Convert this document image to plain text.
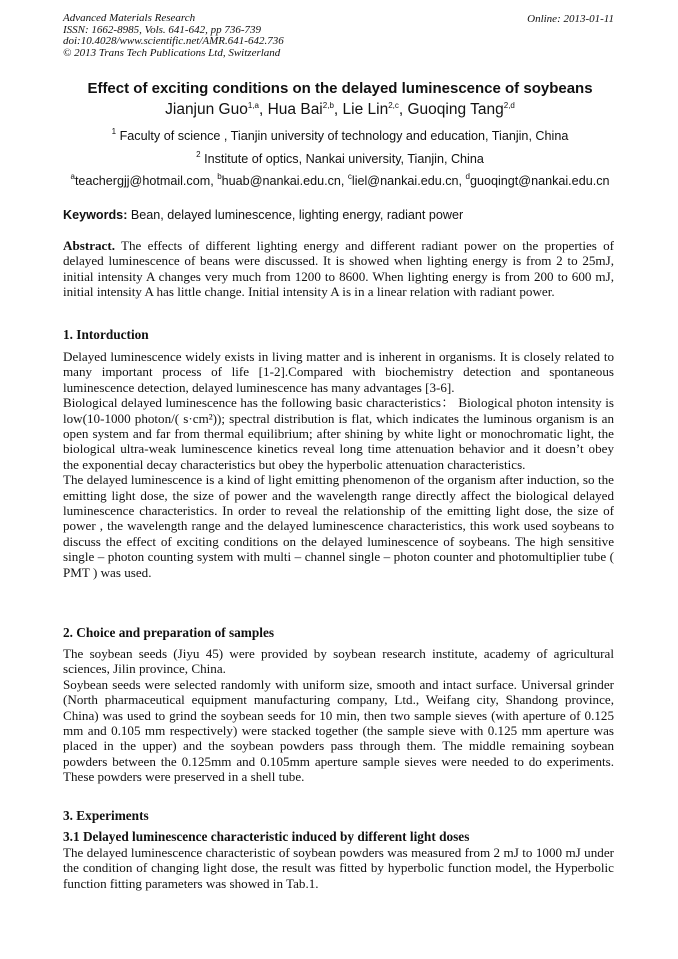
Advanced Materials Research
ISSN: 1662-8985, Vols. 641-642, pp 736-739
doi:10.4028/www.scientific.net/AMR.641-642.736
© 2013 Trans Tech Publications Ltd, Switzerland
Online: 2013-01-11
Effect of exciting conditions on the delayed luminescence of soybeans
Jianjun Guo$^{1,a}$, Hua Bai$^{2,b}$, Lie Lin$^{2,c}$, Guoqing Tang$^{2,d}$
$^1$ Faculty of science , Tianjin university of technology and education, Tianjin, China
$^2$ Institute of optics, Nankai university, Tianjin, China
$^a$teachergjj@hotmail.com, $^b$huab@nankai.edu.cn, $^c$liel@nankai.edu.cn, $^d$guoqingt@nankai.edu.cn
Keywords: Bean, delayed luminescence, lighting energy, radiant power
Abstract. The effects of different lighting energy and different radiant power on the properties of delayed luminescence of beans were discussed. It is showed when lighting energy is from 2 to 25mJ, initial intensity A changes very much from 1200 to 8600. When lighting energy is from 200 to 600 mJ, initial intensity A has little change. Initial intensity A is in a linear relation with radiant power.
1. Intorduction

Delayed luminescence widely exists in living matter and is inherent in organisms. It is closely related to many important process of life [1-2].Compared with biochemistry detection and spontaneous luminescence detection, delayed luminescence has many advantages [3-6].

Biological delayed luminescence has the following basic characteristics： Biological photon intensity is low(10-1000 photon/( s·cm²)); spectral distribution is flat, which indicates the luminous organism is an open system and far from thermal equilibrium; after shining by white light or monochromatic light, the biological ultra-weak luminescence kinetics reveal long time attenuation behavior and it doesn’t obey the exponential decay characteristics but obey the hyperbolic attenuation characteristics.

The delayed luminescence is a kind of light emitting phenomenon of the organism after induction, so the emitting light dose, the size of power and the wavelength range directly affect the biological delayed luminescence characteristics. In order to reveal the relationship of the emitting light dose, the size of power , the wavelength range and the delayed luminescence characteristics, this work used soybeans to discuss the effect of exciting conditions on the delayed luminescence of soybeans. The high sensitive single – photon counting system with multi – channel single – photon counter and photomultiplier tube ( PMT ) was used.

2. Choice and preparation of samples

The soybean seeds (Jiyu 45) were provided by soybean research institute, academy of agricultural sciences, Jilin province, China.

Soybean seeds were selected randomly with uniform size, smooth and intact surface. Universal grinder (North pharmaceutical equipment manufacturing company, Ltd., Weifang city, Shandong province, China) was used to grind the soybean seeds for 10 min, then two sample sieves (with aperture of 0.125 mm and 0.105 mm respectively) were stacked together (the sample sieve with 0.125 mm aperture was placed in the upper) and the soybean powders pass through them. The middle remaining soybean powders between the 0.125mm and 0.105mm aperture sample sieves were needed to do experiments. These powders were preserved in a shell tube.

3. Experiments
3.1 Delayed luminescence characteristic induced by different light doses

The delayed luminescence characteristic of soybean powders was measured from 2 mJ to 1000 mJ under the condition of changing light dose, the result was fitted by hyperbolic function model, the Hyperbolic function fitting parameters was showed in Tab.1.
